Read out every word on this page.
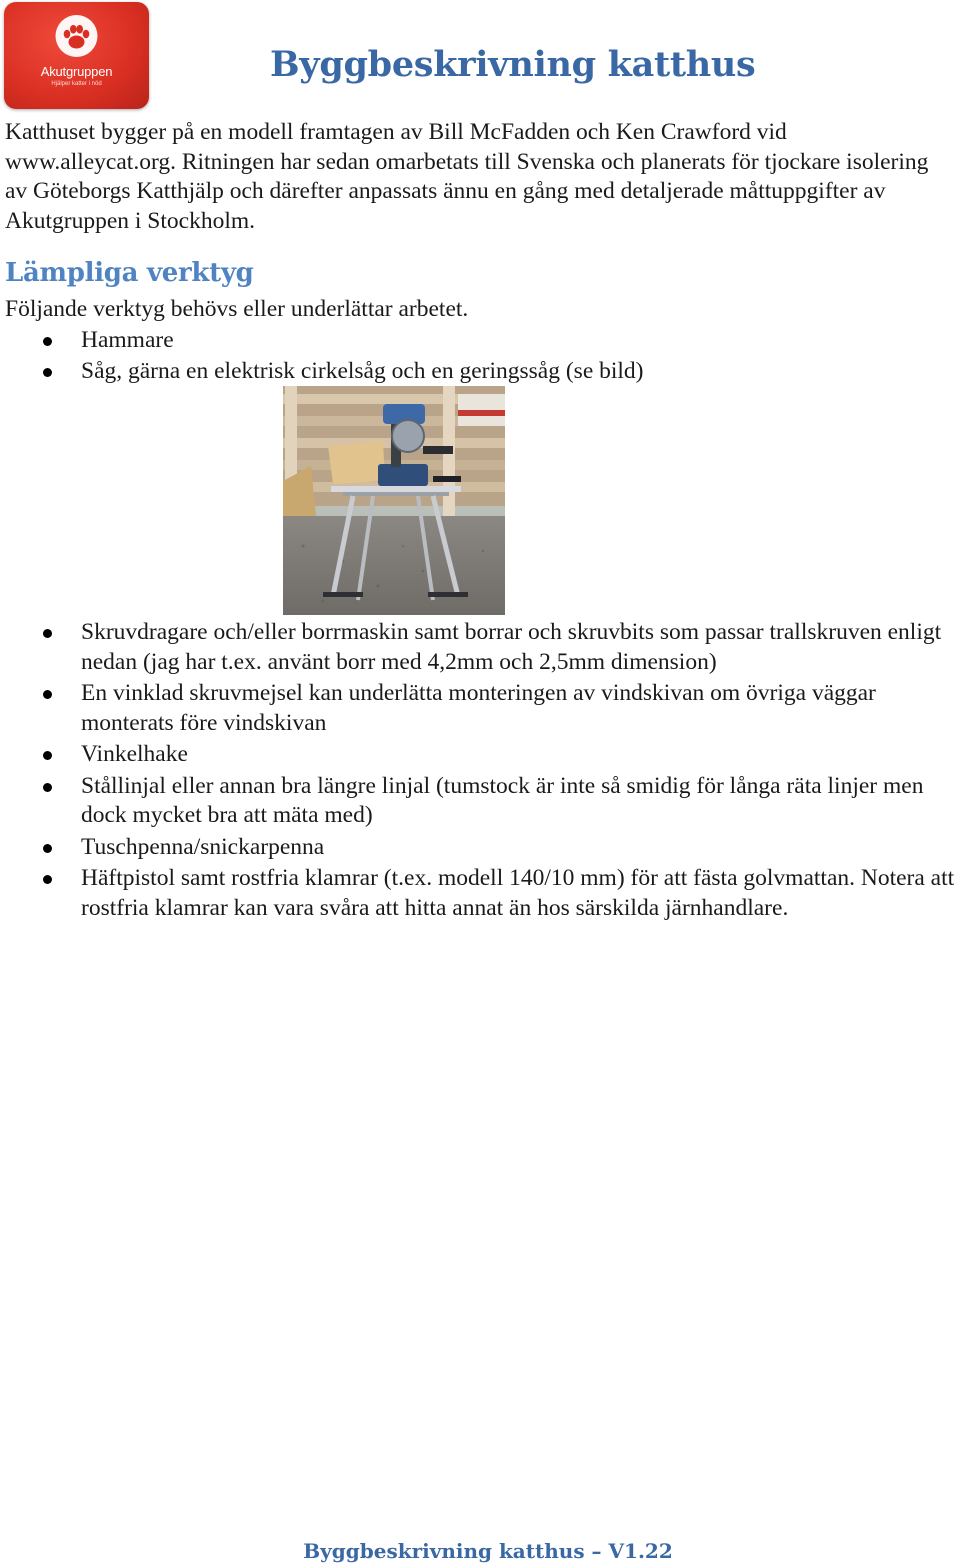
Akutgruppen
Hjälper katter i nöd	Byggbeskrivning katthus

Katthuset bygger på en modell framtagen av Bill McFadden och Ken Crawford vid www.alleycat.org. Ritningen har sedan omarbetats till Svenska och planerats för tjockare isolering av Göteborgs Katthjälp och därefter anpassats ännu en gång med detaljerade måttuppgifter av Akutgruppen i Stockholm.

Lämpliga verktyg

Följande verktyg behövs eller underlättar arbetet.

Hammare
Såg, gärna en elektrisk cirkelsåg och en geringssåg (se bild)
Skruvdragare och/eller borrmaskin samt borrar och skruvbits som passar trallskruven enligt nedan (jag har t.ex. använt borr med 4,2mm och 2,5mm dimension)
En vinklad skruvmejsel kan underlätta monteringen av vindskivan om övriga väggar monterats före vindskivan
Vinkelhake
Stållinjal eller annan bra längre linjal (tumstock är inte så smidig för långa räta linjer men dock mycket bra att mäta med)
Tuschpenna/snickarpenna
Häftpistol samt rostfria klamrar (t.ex. modell 140/10 mm) för att fästa golvmattan. Notera att rostfria klamrar kan vara svåra att hitta annat än hos särskilda järnhandlare.
Byggbeskrivning katthus – V1.22
